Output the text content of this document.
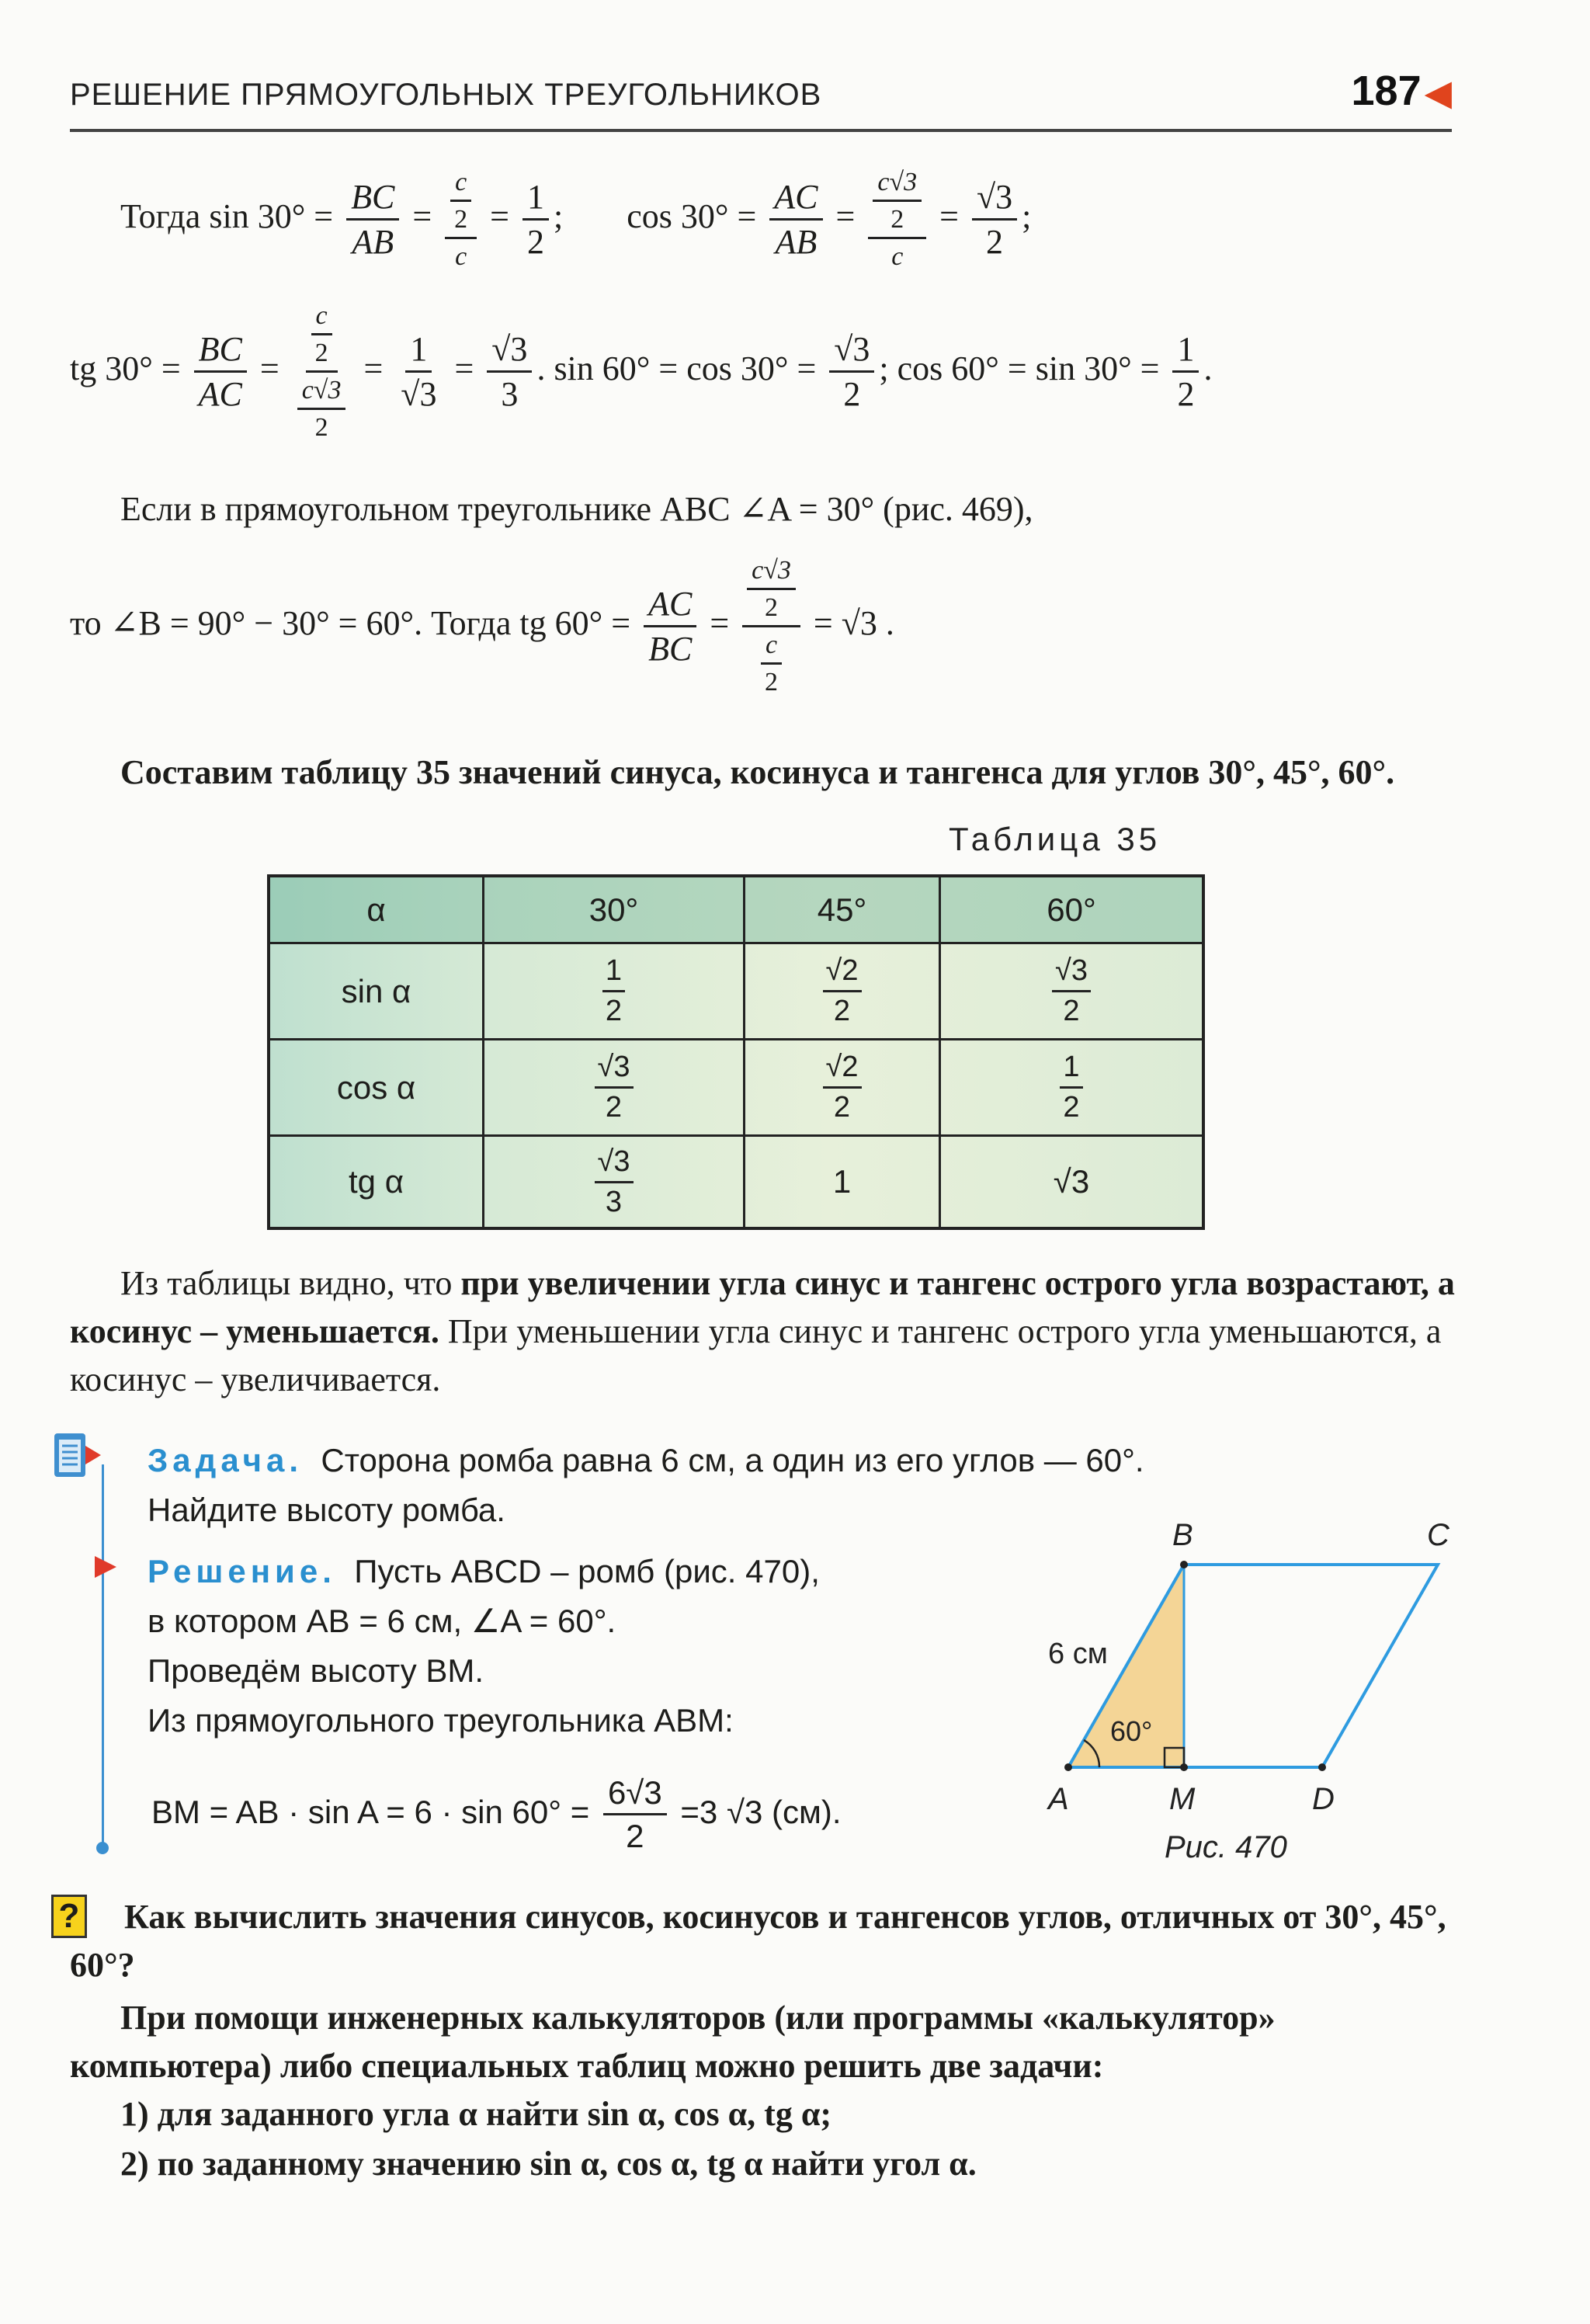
РЕШЕНИЕ ПРЯМОУГОЛЬНЫХ ТРЕУГОЛЬНИКОВ	187◀
Тогда $\sin 30^\circ = \frac{BC}{AB} = \frac{\frac{c}{2}}{c} = \frac{1}{2}$ ; $\cos 30^\circ = \frac{AC}{AB} = \frac{\frac{c√3}{2}}{c} = \frac{√3}{2}$ ;
tg $30^\circ = \frac{BC}{AC} = \frac{\frac{c}{2}}{\frac{c√3}{2}} = \frac{1}{√3} = \frac{√3}{3}$ . $\sin 60^\circ = \cos 30^\circ = \frac{√3}{2}$ ; $\cos 60^\circ = \sin 30^\circ = \frac{1}{2}$ .
Если в прямоугольном треугольнике ABC ∠A = 30° (рис. 469),
то ∠B = 90° − 30° = 60°. Тогда tg $60^\circ = \frac{AC}{BC} = \frac{\frac{c√3}{2}}{\frac{c}{2}} = √3$ .
Составим таблицу 35 значений синуса, косинуса и тангенса для углов 30°, 45°, 60°.
Таблица 35
α	30°	45°	60°
sin α	$\frac{1}{2}$	$\frac{√2}{2}$	$\frac{√3}{2}$
cos α	$\frac{√3}{2}$	$\frac{√2}{2}$	$\frac{1}{2}$
tg α	$\frac{√3}{3}$	1	√3
Из таблицы видно, что при увеличении угла синус и тангенс острого угла возрастают, а косинус – уменьшается. При уменьшении угла синус и тангенс острого угла уменьшаются, а косинус – увеличивается.
Задача. Сторона ромба равна 6 см, а один из его углов — 60°.
Найдите высоту ромба.
Решение. Пусть ABCD – ромб (рис. 470),
в котором AB = 6 см, ∠A = 60°.
Проведём высоту BM.
Из прямоугольного треугольника ABM:
BM = AB · $\sin A = 6 \cdot \sin 60^\circ = \frac{6√3}{2} =3$ √3 (см).	A
B	C
D
M
6 см
60°
Рис. 470
?	Как вычислить значения синусов, косинусов и тангенсов углов, отличных от 30°, 45°, 60°?
При помощи инженерных калькуляторов (или программы «калькулятор» компьютера) либо специальных таблиц можно решить две задачи:
1) для заданного угла α найти sin α, cos α, tg α;
2) по заданному значению sin α, cos α, tg α найти угол α.
